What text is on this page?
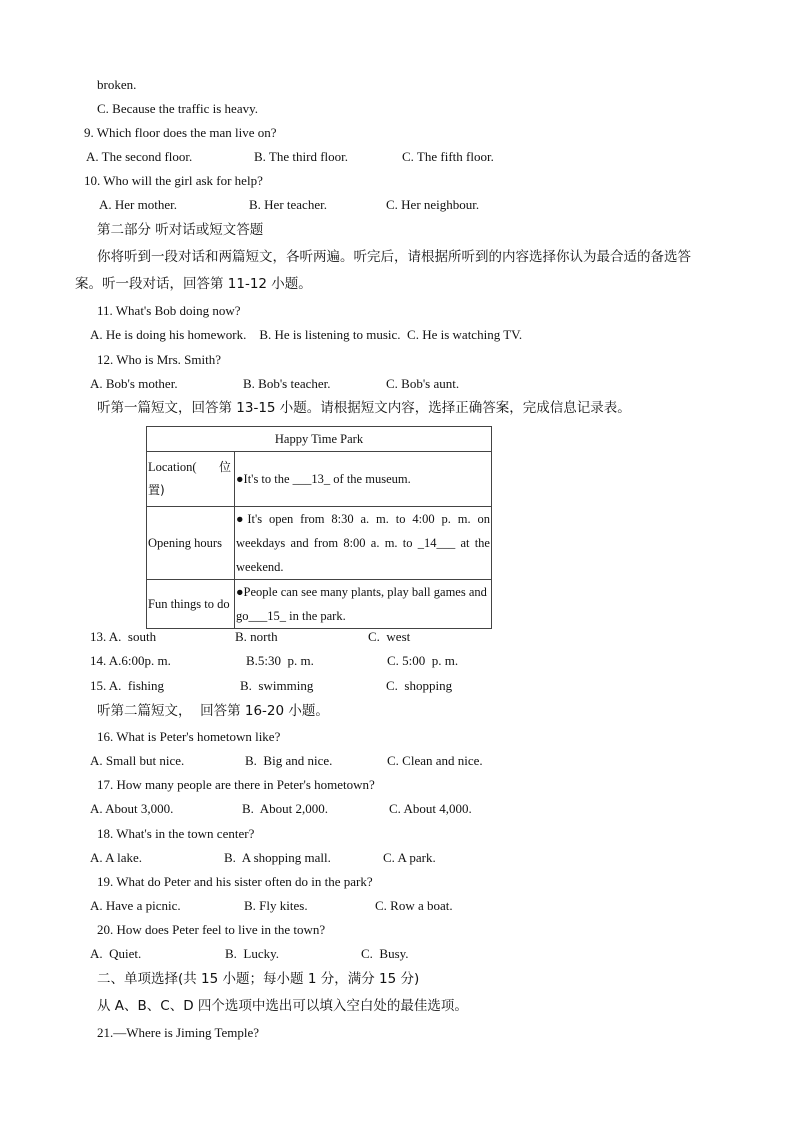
broken.
C. Because the traffic is heavy.
9. Which floor does the man live on?
A. The second floor.	B. The third floor.	C. The fifth floor.
10. Who will the girl ask for help?
A. Her mother.	B. Her teacher.	C. Her neighbour.
第二部分 听对话或短文答题
你将听到一段对话和两篇短文，各听两遍。听完后，请根据所听到的内容选择你认为最合适的备选答
案。听一段对话，回答第 11-12 小题。
11. What's Bob doing now?
A. He is doing his homework.    B. He is listening to music.  C. He is watching TV.
12. Who is Mrs. Smith?
A. Bob's mother.	B. Bob's teacher.	C. Bob's aunt.
听第一篇短文，回答第 13-15 小题。请根据短文内容，选择正确答案，完成信息记录表。
Happy Time Park	
Location( 位

置)	●It's to the ___13_ of the museum.
Opening hours	●It's open from 8:30 a. m. to 4:00 p. m. on weekdays and from 8:00 a. m. to _14___ at the weekend.
Fun things to do	●People can see many plants, play ball games and go___15_ in the park.
13. A.  south	B. north	C.  west
14. A.6:00p. m.	B.5:30  p. m.	C. 5:00  p. m.
15. A.  fishing	B.  swimming	C.  shopping
听第二篇短文，  回答第 16-20 小题。
16. What is Peter's hometown like?
A. Small but nice.	B.  Big and nice.	C. Clean and nice.
17. How many people are there in Peter's hometown?
A. About 3,000.	B.  About 2,000.	C. About 4,000.
18. What's in the town center?
A. A lake.	B.  A shopping mall.	C. A park.
19. What do Peter and his sister often do in the park?
A. Have a picnic.	B. Fly kites.	C. Row a boat.
20. How does Peter feel to live in the town?
A.  Quiet.	B.  Lucky.	C.  Busy.
二、单项选择(共 15 小题；每小题 1 分，满分 15 分)
从 A、B、C、D 四个选项中选出可以填入空白处的最佳选项。
21.—Where is Jiming Temple?
